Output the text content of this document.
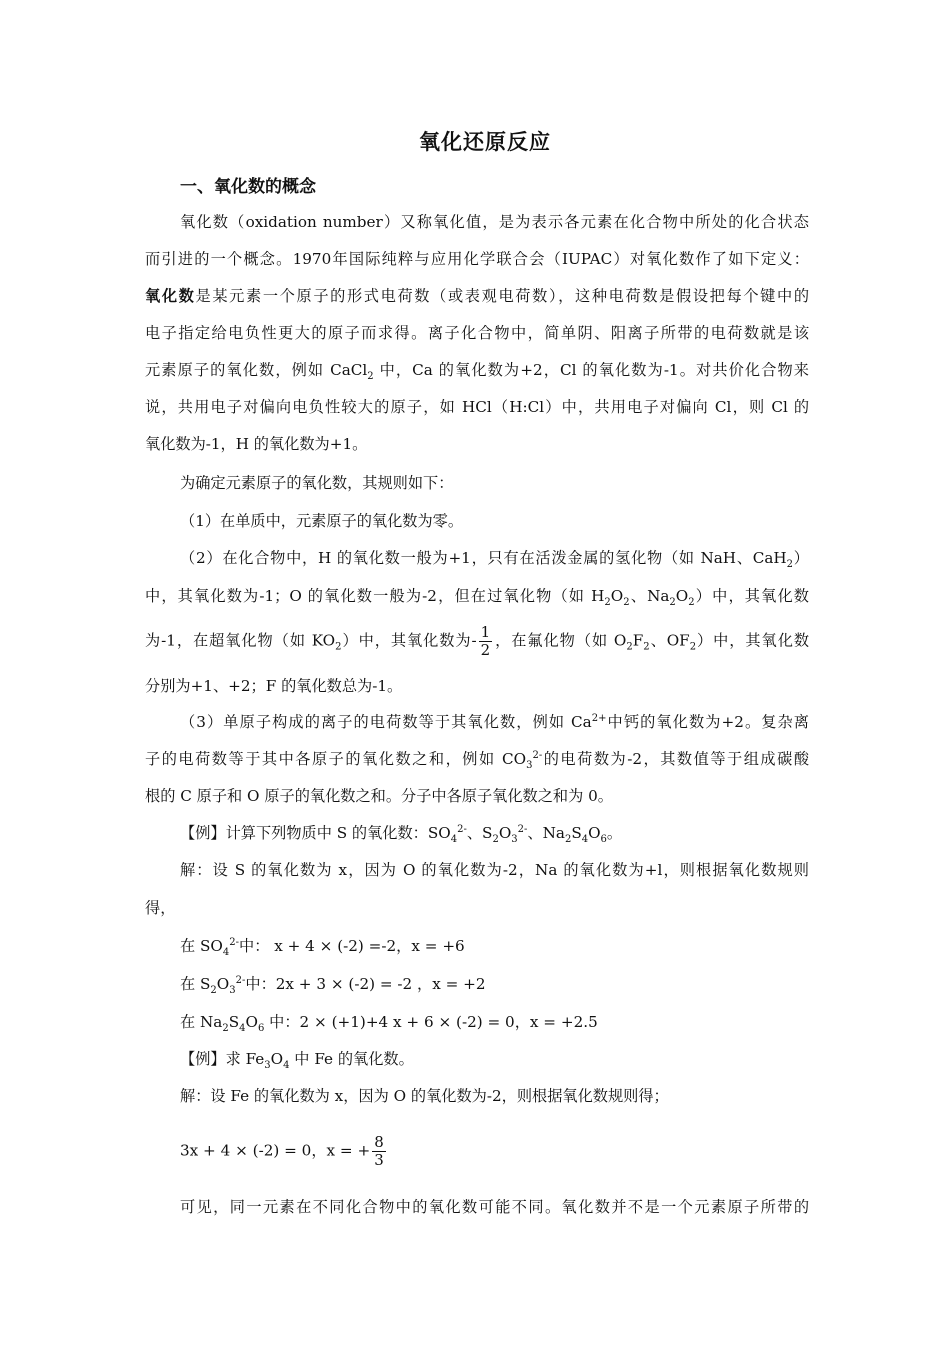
氧化还原反应
一、氧化数的概念
氧化数（oxidation number）又称氧化值，是为表示各元素在化合物中所处的化合状态
而引进的一个概念。1970年国际纯粹与应用化学联合会（IUPAC）对氧化数作了如下定义：
氧化数是某元素一个原子的形式电荷数（或表观电荷数），这种电荷数是假设把每个键中的
电子指定给电负性更大的原子而求得。离子化合物中，简单阴、阳离子所带的电荷数就是该
元素原子的氧化数，例如 CaCl$_2$ 中，Ca 的氧化数为+2，Cl 的氧化数为-1。对共价化合物来
说，共用电子对偏向电负性较大的原子，如 HCl（H:Cl）中，共用电子对偏向 Cl，则 Cl 的
氧化数为-1，H 的氧化数为+1。
为确定元素原子的氧化数，其规则如下：
（1）在单质中，元素原子的氧化数为零。
（2）在化合物中，H 的氧化数一般为+1，只有在活泼金属的氢化物（如 NaH、CaH$_2$）
中，其氧化数为-1；O 的氧化数一般为-2，但在过氧化物（如 $H_2O_2$、$Na_2O_2$）中，其氧化数
为-1，在超氧化物（如 $KO_2$）中，其氧化数为- $\frac{1}{2}$ ，在氟化物（如 $O_2F_2$、$OF_2$）中，其氧化数
分别为+1、+2；F 的氧化数总为-1。
（3）单原子构成的离子的电荷数等于其氧化数，例如 $Ca^{2+}$中钙的氧化数为+2。复杂离
子的电荷数等于其中各原子的氧化数之和，例如 $CO_3^{2-}$的电荷数为-2，其数值等于组成碳酸
根的 C 原子和 O 原子的氧化数之和。分子中各原子氧化数之和为 0。
【例】计算下列物质中 S 的氧化数：$SO_4^{2-}$、$S_2O_3^{2-}$、$Na_2S_4O_6$。
解：设 S 的氧化数为 x，因为 O 的氧化数为-2，Na 的氧化数为+l，则根据氧化数规则
得，
在 $SO_4^{2-}$中： x + 4 × (-2) =-2，x = +6
在 $S_2O_3^{2-}$中：2x + 3 × (-2) = -2 ，x = +2
在 $Na_2S_4O_6$ 中：2 × (+1)+4 x + 6 × (-2) = 0，x = +2.5
【例】求 $Fe_3O_4$ 中 Fe 的氧化数。
解：设 Fe 的氧化数为 x，因为 O 的氧化数为-2，则根据氧化数规则得；
3x + 4 × (-2) = 0，x = + $\frac{8}{3}$
可见，同一元素在不同化合物中的氧化数可能不同。氧化数并不是一个元素原子所带的
